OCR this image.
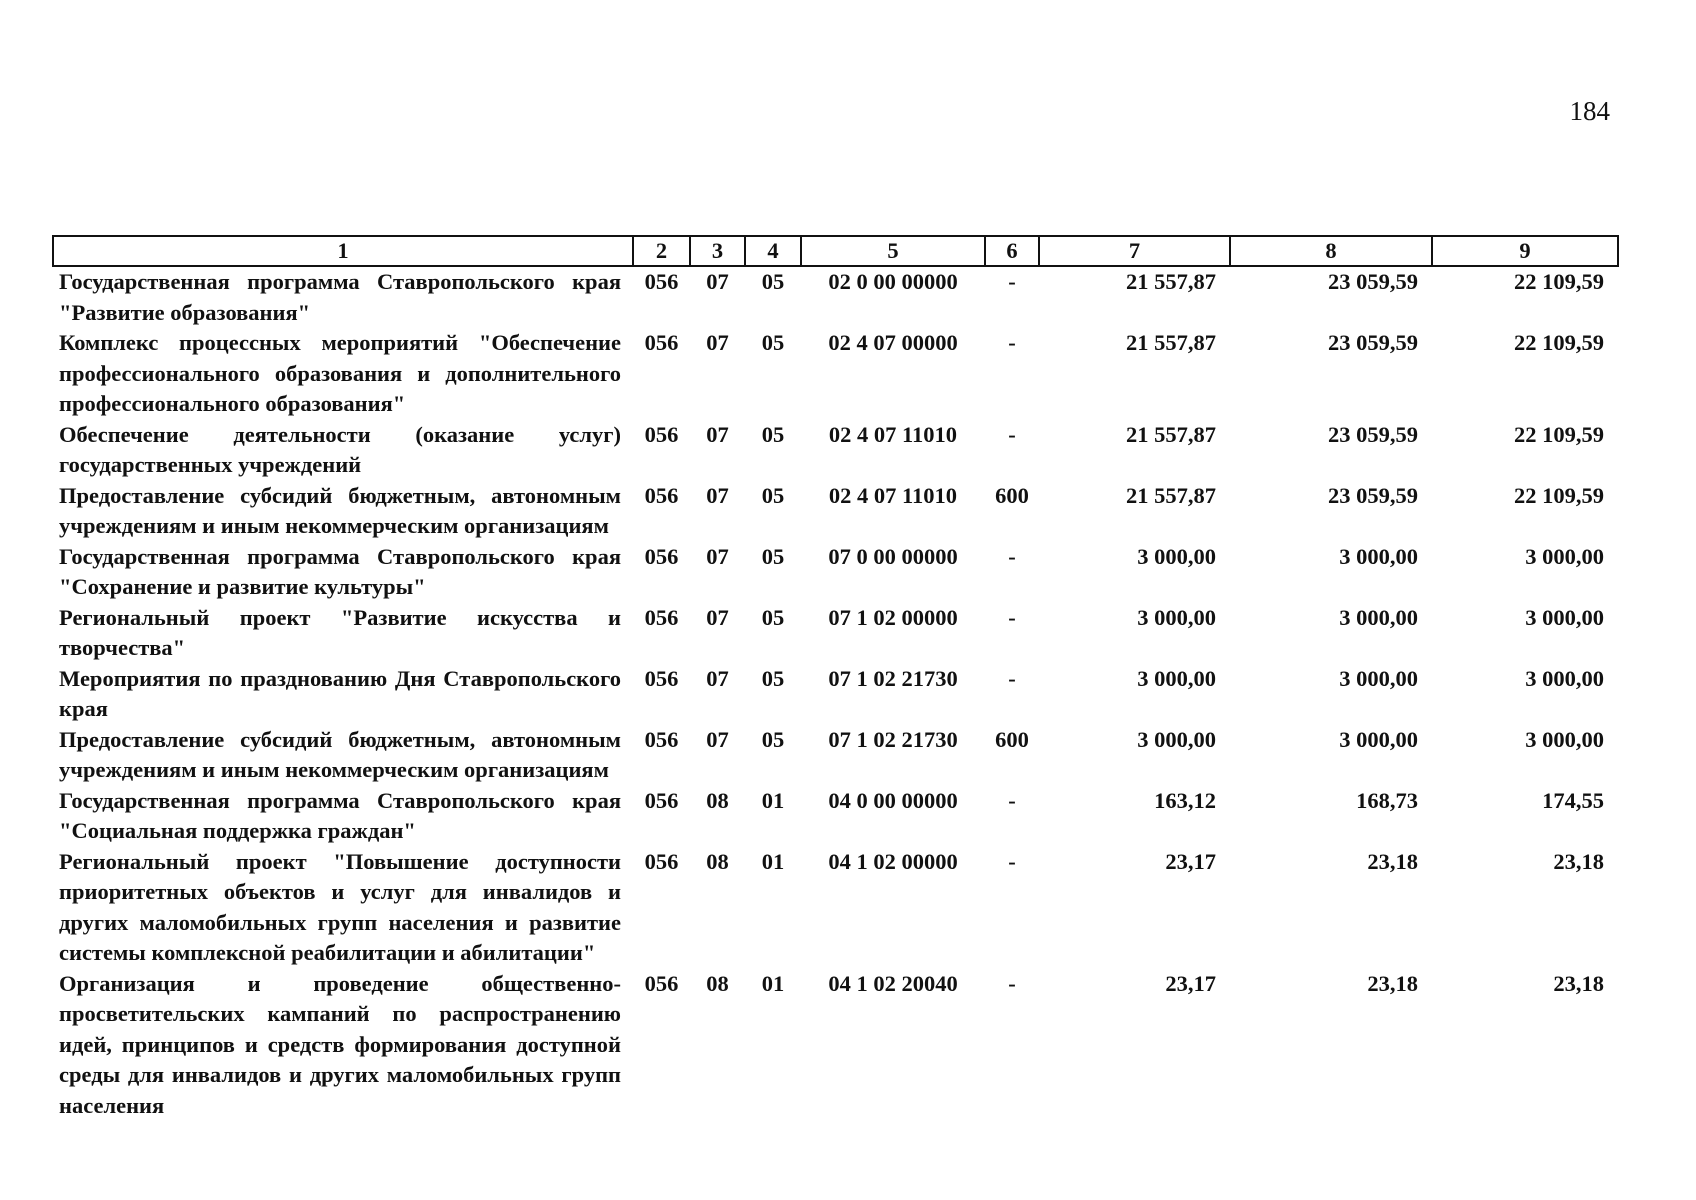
184
1	2	3	4	5	6	7	8	9
Государственная программа Ставропольского края "Развитие образования"	056	07	05	02 0 00 00000	-	21 557,87	23 059,59	22 109,59
Комплекс процессных мероприятий "Обеспечение профессионального образования и дополнительного профессионального образования"	056	07	05	02 4 07 00000	-	21 557,87	23 059,59	22 109,59
Обеспечение деятельности (оказание услуг) государственных учреждений	056	07	05	02 4 07 11010	-	21 557,87	23 059,59	22 109,59
Предоставление субсидий бюджетным, автономным учреждениям и иным некоммерческим организациям	056	07	05	02 4 07 11010	600	21 557,87	23 059,59	22 109,59
Государственная программа Ставропольского края "Сохранение и развитие культуры"	056	07	05	07 0 00 00000	-	3 000,00	3 000,00	3 000,00
Региональный проект "Развитие искусства и творчества"	056	07	05	07 1 02 00000	-	3 000,00	3 000,00	3 000,00
Мероприятия по празднованию Дня Ставропольского края	056	07	05	07 1 02 21730	-	3 000,00	3 000,00	3 000,00
Предоставление субсидий бюджетным, автономным учреждениям и иным некоммерческим организациям	056	07	05	07 1 02 21730	600	3 000,00	3 000,00	3 000,00
Государственная программа Ставропольского края "Социальная поддержка граждан"	056	08	01	04 0 00 00000	-	163,12	168,73	174,55
Региональный проект "Повышение доступности приоритетных объектов и услуг для инвалидов и других маломобильных групп населения и развитие системы комплексной реабилитации и абилитации"	056	08	01	04 1 02 00000	-	23,17	23,18	23,18
Организация и проведение общественно-просветительских кампаний по распространению идей, принципов и средств формирования доступной среды для инвалидов и других маломобильных групп населения	056	08	01	04 1 02 20040	-	23,17	23,18	23,18
